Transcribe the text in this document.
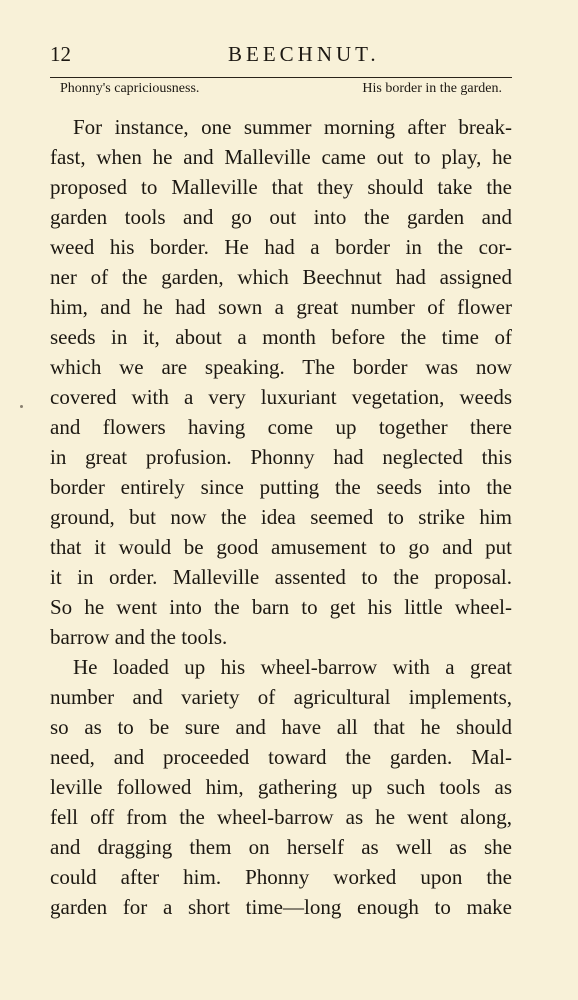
12	BEECHNUT.
Phonny's capriciousness.	His border in the garden.
For instance, one summer morning after break-
fast, when he and Malleville came out to play, he
proposed to Malleville that they should take the
garden tools and go out into the garden and
weed his border. He had a border in the cor-
ner of the garden, which Beechnut had assigned
him, and he had sown a great number of flower
seeds in it, about a month before the time of
which we are speaking. The border was now
covered with a very luxuriant vegetation, weeds
and flowers having come up together there
in great profusion. Phonny had neglected this
border entirely since putting the seeds into the
ground, but now the idea seemed to strike him
that it would be good amusement to go and put
it in order. Malleville assented to the proposal.
So he went into the barn to get his little wheel-
barrow and the tools.
He loaded up his wheel-barrow with a great
number and variety of agricultural implements,
so as to be sure and have all that he should
need, and proceeded toward the garden. Mal-
leville followed him, gathering up such tools as
fell off from the wheel-barrow as he went along,
and dragging them on herself as well as she
could after him. Phonny worked upon the
garden for a short time—long enough to make
